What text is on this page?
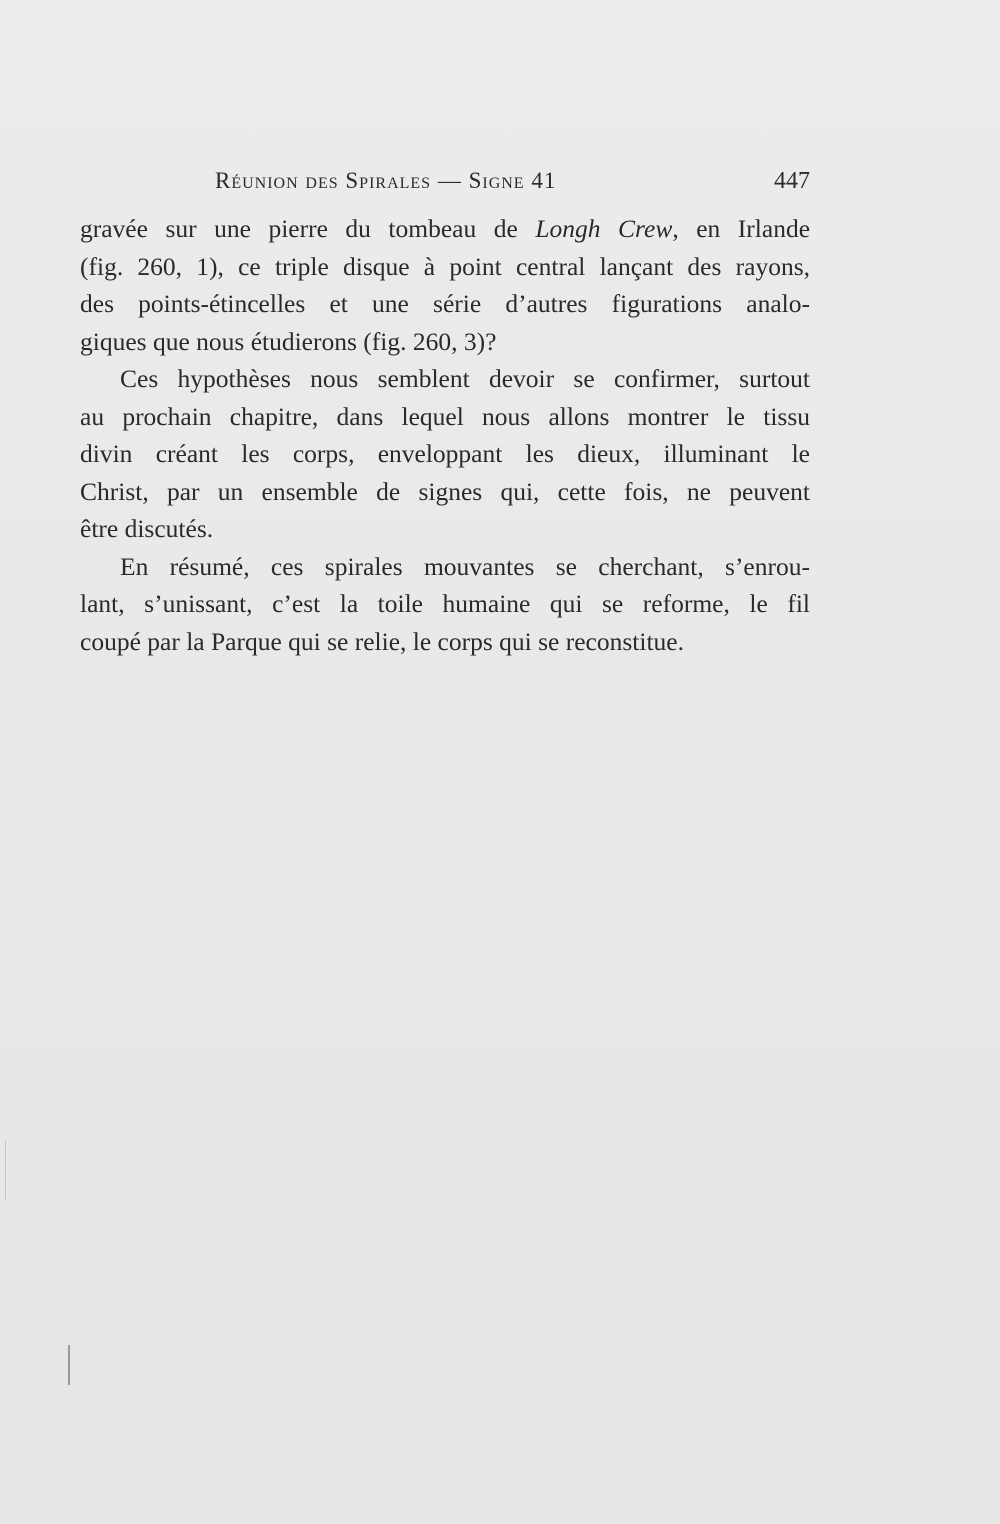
Réunion des Spirales — Signe 41	447

gravée sur une pierre du tombeau de Longh Crew, en Irlande
(fig. 260, 1), ce triple disque à point central lançant des rayons,
des points-étincelles et une série d’autres figurations analo-
giques que nous étudierons (fig. 260, 3)?

Ces hypothèses nous semblent devoir se confirmer, surtout
au prochain chapitre, dans lequel nous allons montrer le tissu
divin créant les corps, enveloppant les dieux, illuminant le
Christ, par un ensemble de signes qui, cette fois, ne peuvent
être discutés.

En résumé, ces spirales mouvantes se cherchant, s’enrou-
lant, s’unissant, c’est la toile humaine qui se reforme, le fil
coupé par la Parque qui se relie, le corps qui se reconstitue.
